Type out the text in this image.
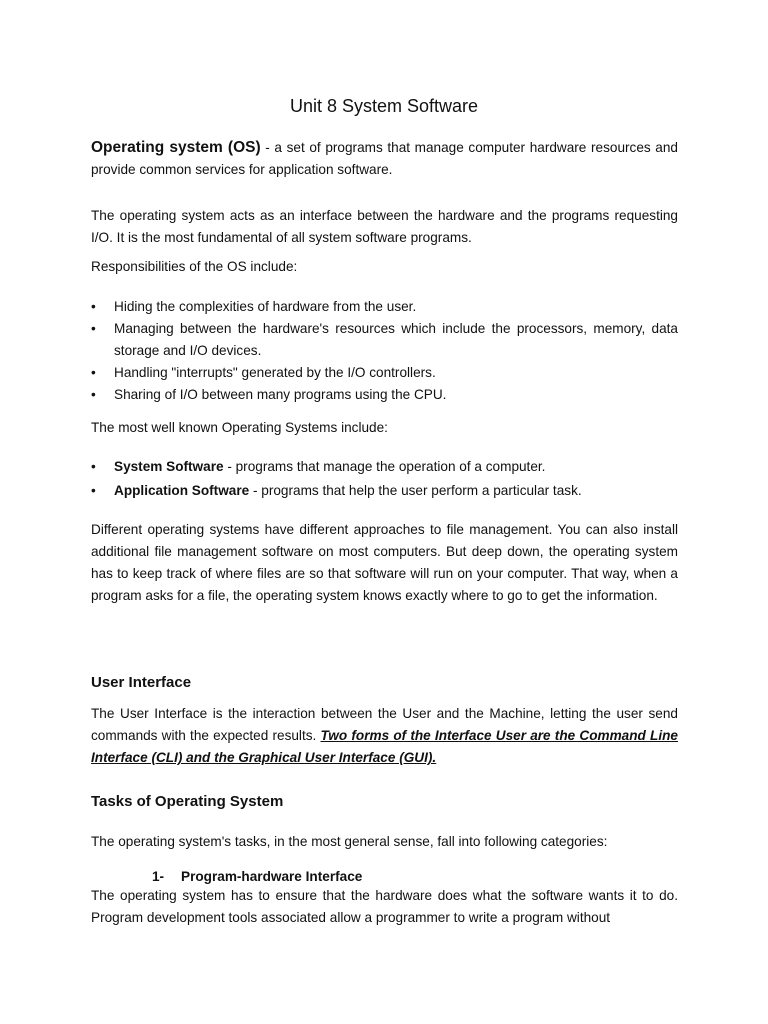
Unit 8 System Software

Operating system (OS) - a set of programs that manage computer hardware resources and provide common services for application software.

The operating system acts as an interface between the hardware and the programs requesting I/O. It is the most fundamental of all system software programs.

Responsibilities of the OS include:

• Hiding the complexities of hardware from the user.
• Managing between the hardware's resources which include the processors, memory, data storage and I/O devices.
• Handling "interrupts" generated by the I/O controllers.
• Sharing of I/O between many programs using the CPU.

The most well known Operating Systems include:

• System Software - programs that manage the operation of a computer.
• Application Software - programs that help the user perform a particular task.

Different operating systems have different approaches to file management. You can also install additional file management software on most computers. But deep down, the operating system has to keep track of where files are so that software will run on your computer. That way, when a program asks for a file, the operating system knows exactly where to go to get the information.

User Interface

The User Interface is the interaction between the User and the Machine, letting the user send commands with the expected results. Two forms of the Interface User are the Command Line Interface (CLI) and the Graphical User Interface (GUI).

Tasks of Operating System

The operating system's tasks, in the most general sense, fall into following categories:

1- Program-hardware Interface

The operating system has to ensure that the hardware does what the software wants it to do. Program development tools associated allow a programmer to write a program without
